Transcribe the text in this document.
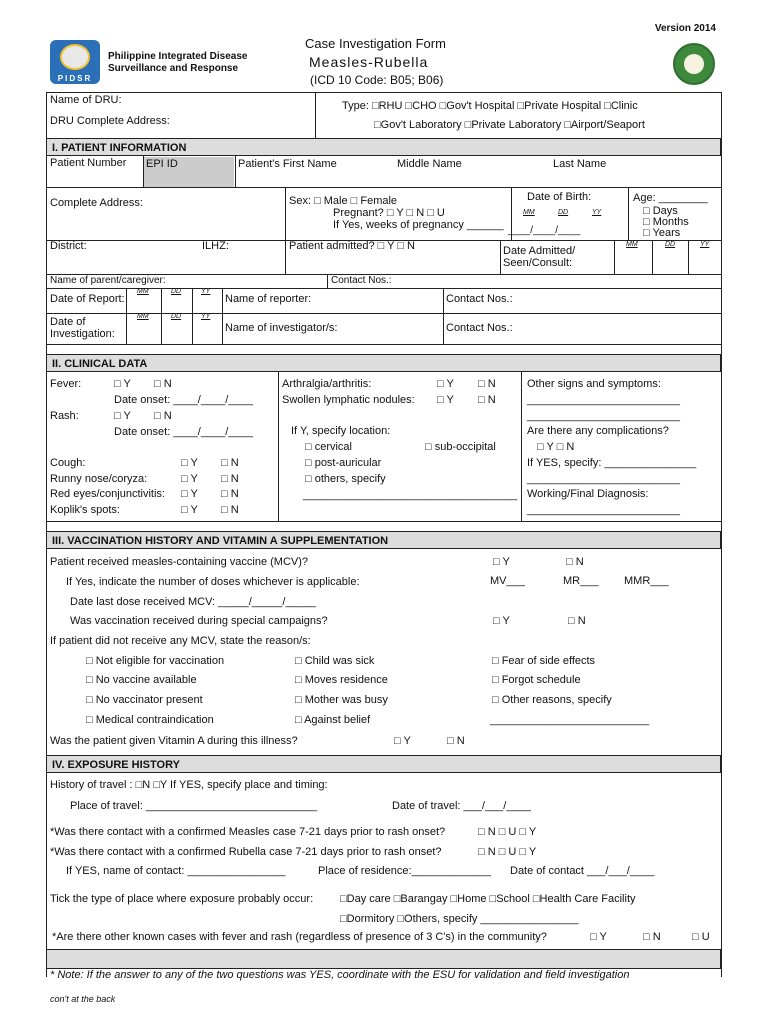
Version 2014
PIDSR
Philippine Integrated Disease
Surveillance and Response
Case Investigation Form
Measles-Rubella
(ICD 10 Code: B05; B06)
Name of DRU:
DRU Complete Address:
Type: □RHU □CHO □Gov't Hospital □Private Hospital □Clinic
□Gov't Laboratory □Private Laboratory □Airport/Seaport
I. PATIENT INFORMATION
Patient Number EPI ID	Patient's First Name	Middle Name	Last Name
Complete Address:	Sex: □ Male □ Female
Pregnant? □ Y □ N □ U
If Yes, weeks of pregnancy ______
Date of Birth:
MM	DD	YY
____/____/____
Age: ________
□ Days
□ Months
□ Years
District:	ILHZ:	Patient admitted? □ Y □ N	Date Admitted/
Seen/Consult:
MM	DD	YY
Name of parent/caregiver:	Contact Nos.:
Date of Report:
MM	DD	YY
Name of reporter:	Contact Nos.:
Date of
Investigation:
MM	DD	YY
Name of investigator/s:	Contact Nos.:
II. CLINICAL DATA
Fever:	□ Y □ N
Date onset: ____/____/____
Rash:	□ Y □ N
Date onset: ____/____/____
Cough:	□ Y □ N
Runny nose/coryza:	□ Y □ N
Red eyes/conjunctivitis: □ Y □ N
Koplik's spots:	□ Y □ N
Arthralgia/arthritis:	□ Y □ N
Swollen lymphatic nodules: □ Y □ N
If Y, specify location:
□ cervical	□ sub-occipital
□ post-auricular
□ others, specify
___________________________________
Other signs and symptoms:
_________________________
_________________________
Are there any complications?
□ Y □ N
If YES, specify: _______________
_________________________
Working/Final Diagnosis:
_________________________
III. VACCINATION HISTORY AND VITAMIN A SUPPLEMENTATION
Patient received measles-containing vaccine (MCV)?	□ Y	□ N
If Yes, indicate the number of doses whichever is applicable:	MV___	MR___ MMR___
Date last dose received MCV: _____/_____/_____
Was vaccination received during special campaigns?	□ Y	□ N
If patient did not receive any MCV, state the reason/s:
□ Not eligible for vaccination
□ No vaccine available
□ No vaccinator present
□ Medical contraindication
□ Child was sick
□ Moves residence
□ Mother was busy
□ Against belief
□ Fear of side effects
□ Forgot schedule
□ Other reasons, specify
__________________________
Was the patient given Vitamin A during this illness?	□ Y	□ N
IV. EXPOSURE HISTORY
History of travel : □N □Y If YES, specify place and timing:
Place of travel: ____________________________	Date of travel: ___/___/____
*Was there contact with a confirmed Measles case 7-21 days prior to rash onset?	□ N □ U □ Y
*Was there contact with a confirmed Rubella case 7-21 days prior to rash onset?	□ N □ U □ Y
If YES, name of contact: ________________	Place of residence:_____________ Date of contact ___/___/____
Tick the type of place where exposure probably occur: □Day care □Barangay □Home □School □Health Care Facility
□Dormitory □Others, specify ________________
*Are there other known cases with fever and rash (regardless of presence of 3 C's) in the community?	□ Y	□ N	□ U
* Note: If the answer to any of the two questions was YES, coordinate with the ESU for validation and field investigation
con't at the back
